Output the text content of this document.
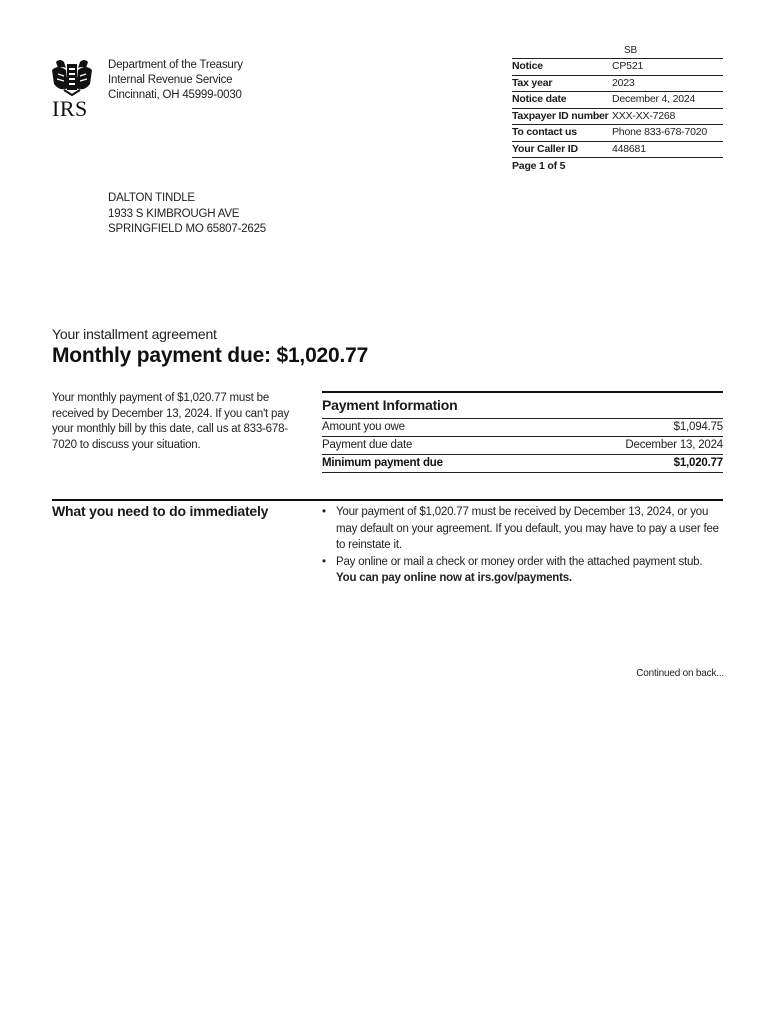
IRS
Department of the Treasury
Internal Revenue Service
Cincinnati, OH 45999-0030
SB
Notice	CP521
Tax year	2023
Notice date	December 4, 2024
Taxpayer ID number XXX-XX-7268
To contact us	Phone 833-678-7020
Your Caller ID	448681
Page 1 of 5
DALTON TINDLE
1933 S KIMBROUGH AVE
SPRINGFIELD MO 65807-2625
Your installment agreement
Monthly payment due: $1,020.77
Your monthly payment of $1,020.77 must be received by December 13, 2024. If you can't pay your monthly bill by this date, call us at 833-678-7020 to discuss your situation.
Payment Information
Amount you owe	$1,094.75
Payment due date	December 13, 2024
Minimum payment due	$1,020.77
What you need to do immediately	• Your payment of $1,020.77 must be received by December 13, 2024, or you may default on your agreement. If you default, you may have to pay a user fee to reinstate it.
• Pay online or mail a check or money order with the attached payment stub. You can pay online now at irs.gov/payments.
Continued on back...
